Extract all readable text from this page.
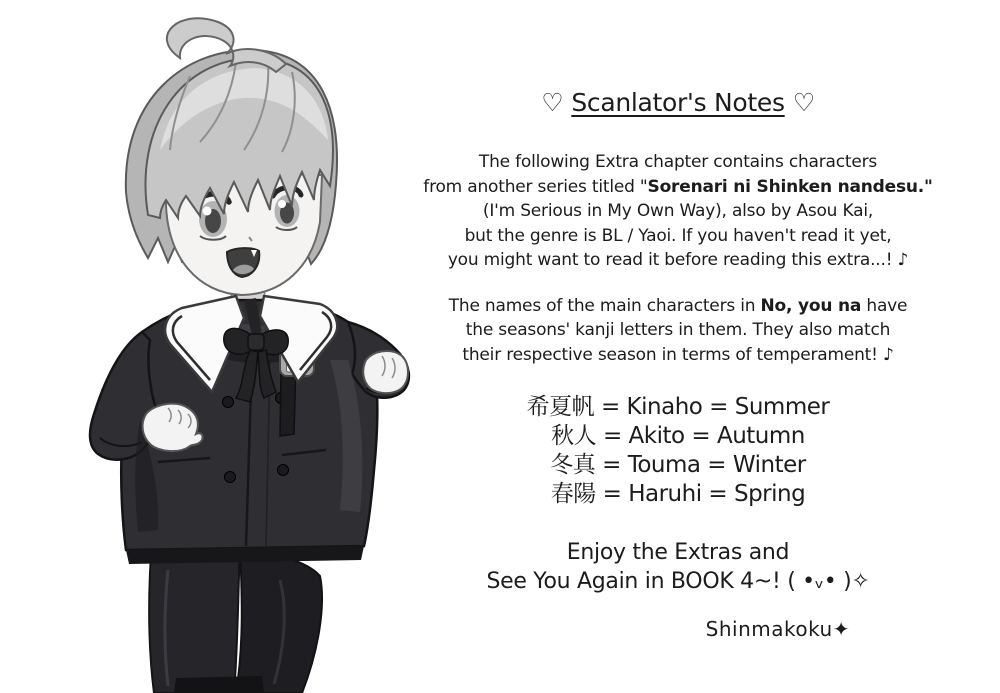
♡ Scanlator's Notes ♡
The following Extra chapter contains characters
from another series titled "Sorenari ni Shinken nandesu."
(I'm Serious in My Own Way), also by Asou Kai,
but the genre is BL / Yaoi. If you haven't read it yet,
you might want to read it before reading this extra...! ♪
The names of the main characters in No, you na have
the seasons' kanji letters in them. They also match
their respective season in terms of temperament! ♪
希夏帆 = Kinaho = Summer
秋人 = Akito = Autumn
冬真 = Touma = Winter
春陽 = Haruhi = Spring
Enjoy the Extras and
See You Again in BOOK 4~! ( •ᵥ• )✧
Shinmakoku✦
